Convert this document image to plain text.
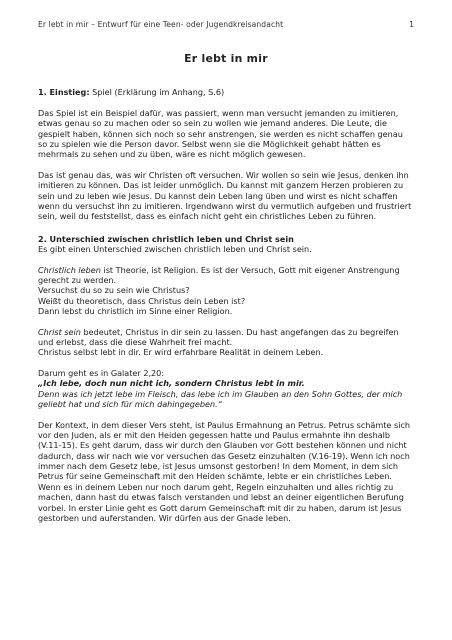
Er lebt in mir – Entwurf für eine Teen- oder Jugendkreisandacht	1
Er lebt in mir
1. Einstieg: Spiel (Erklärung im Anhang, S.6)

Das Spiel ist ein Beispiel dafür, was passiert, wenn man versucht jemanden zu imitieren, etwas genau so zu machen oder so sein zu wollen wie jemand anderes. Die Leute, die gespielt haben, können sich noch so sehr anstrengen, sie werden es nicht schaffen genau so zu spielen wie die Person davor. Selbst wenn sie die Möglichkeit gehabt hätten es mehrmals zu sehen und zu üben, wäre es nicht möglich gewesen.

Das ist genau das, was wir Christen oft versuchen. Wir wollen so sein wie Jesus, denken ihn imitieren zu können. Das ist leider unmöglich. Du kannst mit ganzem Herzen probieren zu sein und zu leben wie Jesus. Du kannst dein Leben lang üben und wirst es nicht schaffen wenn du versuchst ihn zu imitieren. Irgendwann wirst du vermutlich aufgeben und frustriert sein, weil du feststellst, dass es einfach nicht geht ein christliches Leben zu führen.

2. Unterschied zwischen christlich leben und Christ sein

Es gibt einen Unterschied zwischen christlich leben und Christ sein.

Christlich leben ist Theorie, ist Religion. Es ist der Versuch, Gott mit eigener Anstrengung gerecht zu werden.
Versuchst du so zu sein wie Christus?
Weißt du theoretisch, dass Christus dein Leben ist?
Dann lebst du christlich im Sinne einer Religion.

Christ sein bedeutet, Christus in dir sein zu lassen. Du hast angefangen das zu begreifen und erlebst, dass die diese Wahrheit frei macht.
Christus selbst lebt in dir. Er wird erfahrbare Realität in deinem Leben.

Darum geht es in Galater 2,20:
„Ich lebe, doch nun nicht ich, sondern Christus lebt in mir.
Denn was ich jetzt lebe im Fleisch, das lebe ich im Glauben an den Sohn Gottes, der mich geliebt hat und sich für mich dahingegeben.“

Der Kontext, in dem dieser Vers steht, ist Paulus Ermahnung an Petrus. Petrus schämte sich vor den Juden, als er mit den Heiden gegessen hatte und Paulus ermahnte ihn deshalb (V.11-15). Es geht darum, dass wir durch den Glauben vor Gott bestehen können und nicht dadurch, dass wir nach wie vor versuchen das Gesetz einzuhalten (V.16-19). Wenn ich noch immer nach dem Gesetz lebe, ist Jesus umsonst gestorben! In dem Moment, in dem sich Petrus für seine Gemeinschaft mit den Heiden schämte, lebte er ein christliches Leben.
Wenn es in deinem Leben nur noch darum geht, Regeln einzuhalten und alles richtig zu machen, dann hast du etwas falsch verstanden und lebst an deiner eigentlichen Berufung vorbei. In erster Linie geht es Gott darum Gemeinschaft mit dir zu haben, darum ist Jesus gestorben und auferstanden. Wir dürfen aus der Gnade leben.
